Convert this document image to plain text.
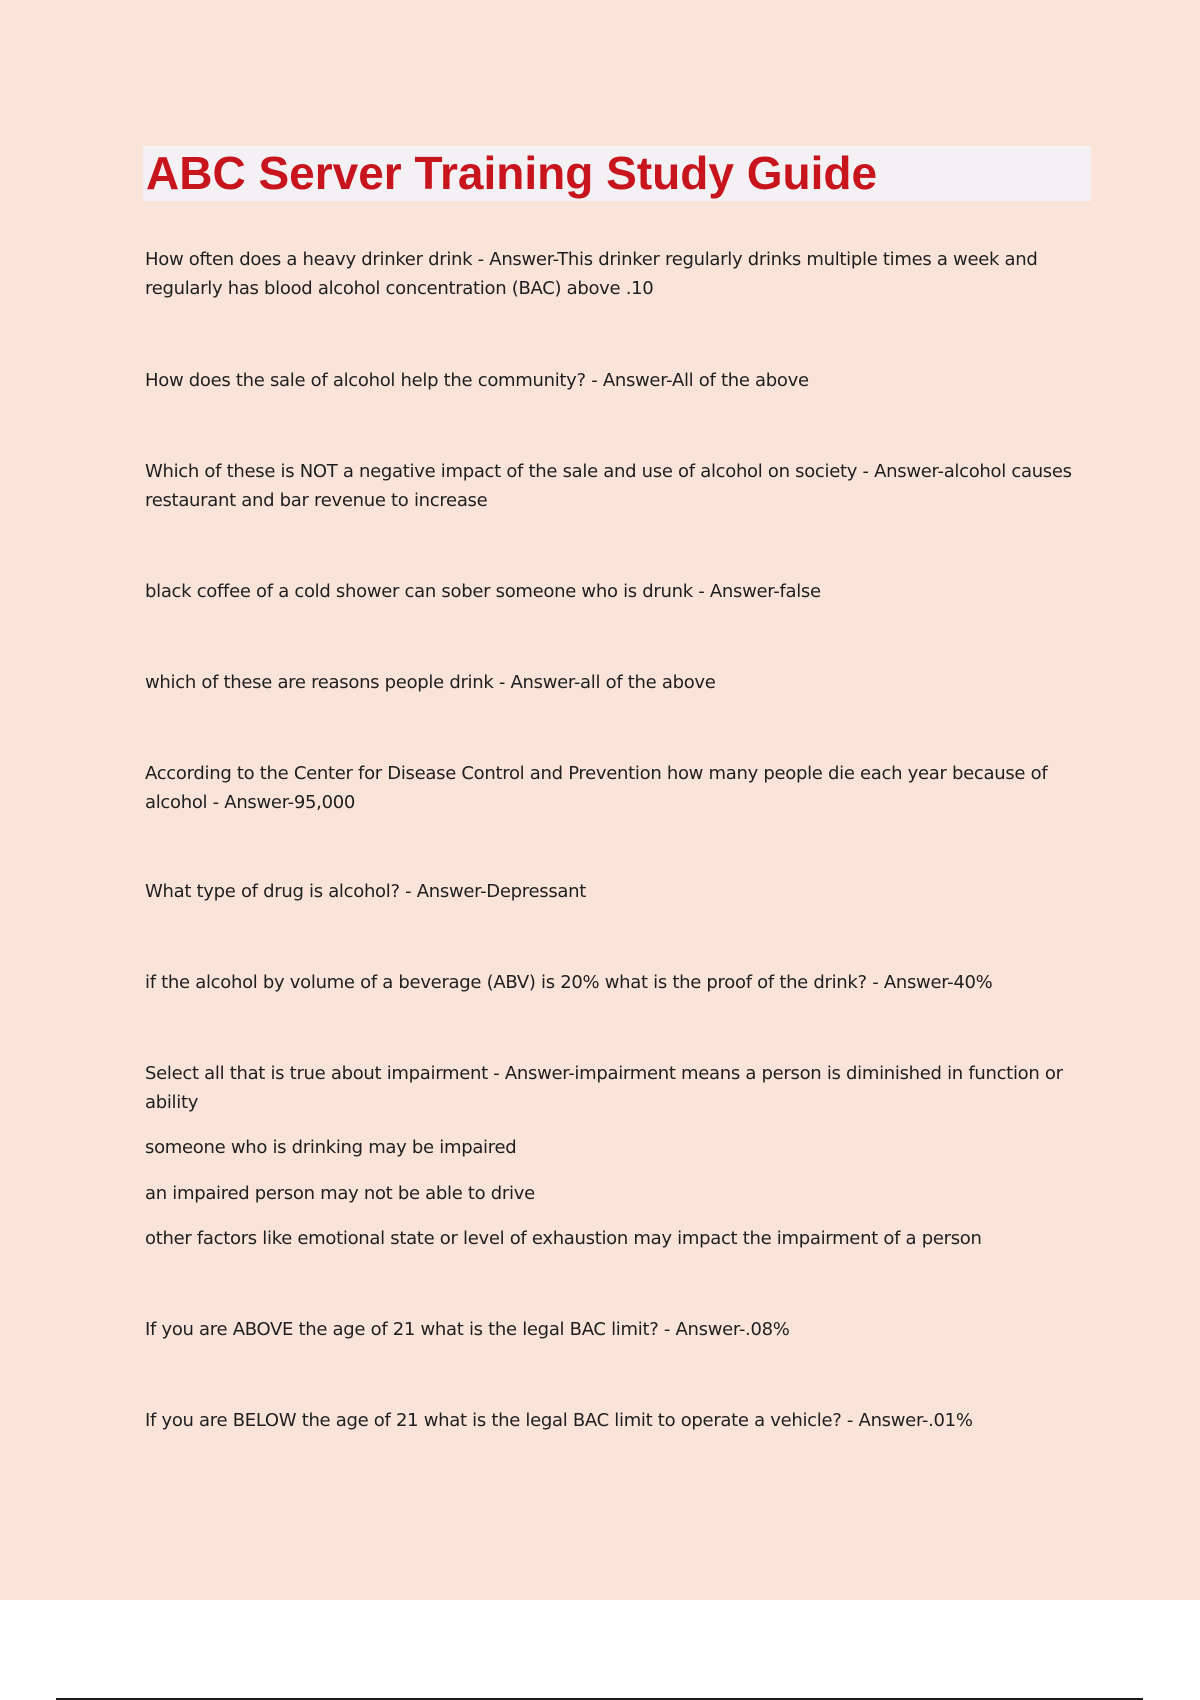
ABC Server Training Study Guide

How often does a heavy drinker drink - Answer-This drinker regularly drinks multiple times a week and regularly has blood alcohol concentration (BAC) above .10

How does the sale of alcohol help the community? - Answer-All of the above

Which of these is NOT a negative impact of the sale and use of alcohol on society - Answer-alcohol causes restaurant and bar revenue to increase

black coffee of a cold shower can sober someone who is drunk - Answer-false

which of these are reasons people drink - Answer-all of the above

According to the Center for Disease Control and Prevention how many people die each year because of alcohol - Answer-95,000

What type of drug is alcohol? - Answer-Depressant

if the alcohol by volume of a beverage (ABV) is 20% what is the proof of the drink? - Answer-40%

Select all that is true about impairment - Answer-impairment means a person is diminished in function or ability

someone who is drinking may be impaired

an impaired person may not be able to drive

other factors like emotional state or level of exhaustion may impact the impairment of a person

If you are ABOVE the age of 21 what is the legal BAC limit? - Answer-.08%

If you are BELOW the age of 21 what is the legal BAC limit to operate a vehicle? - Answer-.01%
